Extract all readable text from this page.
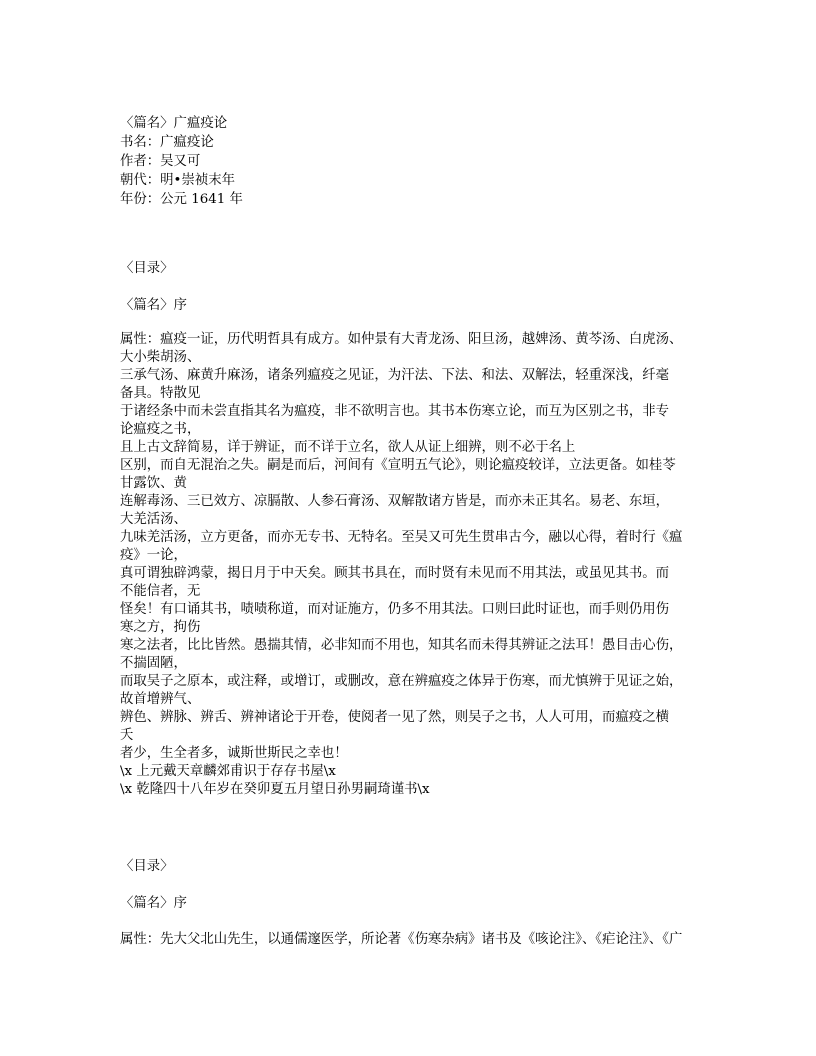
〈篇名〉广瘟疫论
书名：广瘟疫论
作者：吴又可
朝代：明•崇祯末年
年份：公元 1641 年
〈目录〉
〈篇名〉序
属性：瘟疫一证，历代明哲具有成方。如仲景有大青龙汤、阳旦汤，越婢汤、黄芩汤、白虎汤、
大小柴胡汤、
三承气汤、麻黄升麻汤，诸条列瘟疫之见证，为汗法、下法、和法、双解法，轻重深浅，纤毫
备具。特散见
于诸经条中而未尝直指其名为瘟疫，非不欲明言也。其书本伤寒立论，而互为区别之书，非专
论瘟疫之书，
且上古文辞简易，详于辨证，而不详于立名，欲人从证上细辨，则不必于名上
区别，而自无混治之失。嗣是而后，河间有《宣明五气论》，则论瘟疫较详，立法更备。如桂苓
甘露饮、黄
连解毒汤、三已效方、凉膈散、人参石膏汤、双解散诸方皆是，而亦未正其名。易老、东垣，
大羌活汤、
九味羌活汤，立方更备，而亦无专书、无特名。至吴又可先生贯串古今，融以心得，着时行《瘟
疫》一论，
真可谓独辟鸿蒙，揭日月于中天矣。顾其书具在，而时贤有未见而不用其法，或虽见其书。而
不能信者，无
怪矣！有口诵其书，啧啧称道，而对证施方，仍多不用其法。口则曰此时证也，而手则仍用伤
寒之方，拘伤
寒之法者，比比皆然。愚揣其情，必非知而不用也，知其名而未得其辨证之法耳！愚目击心伤，
不揣固陋，
而取吴子之原本，或注释，或增订，或删改，意在辨瘟疫之体异于伤寒，而尤慎辨于见证之始，
故首增辨气、
辨色、辨脉、辨舌、辨神诸论于开卷，使阅者一见了然，则吴子之书，人人可用，而瘟疫之横
夭
者少，生全者多，诚斯世斯民之幸也！
\x 上元戴天章麟郊甫识于存存书屋\x
\x 乾隆四十八年岁在癸卯夏五月望日孙男嗣琦谨书\x
〈目录〉
〈篇名〉序
属性：先大父北山先生，以通儒邃医学，所论著《伤寒杂病》诸书及《咳论注》、《疟论注》、《广
